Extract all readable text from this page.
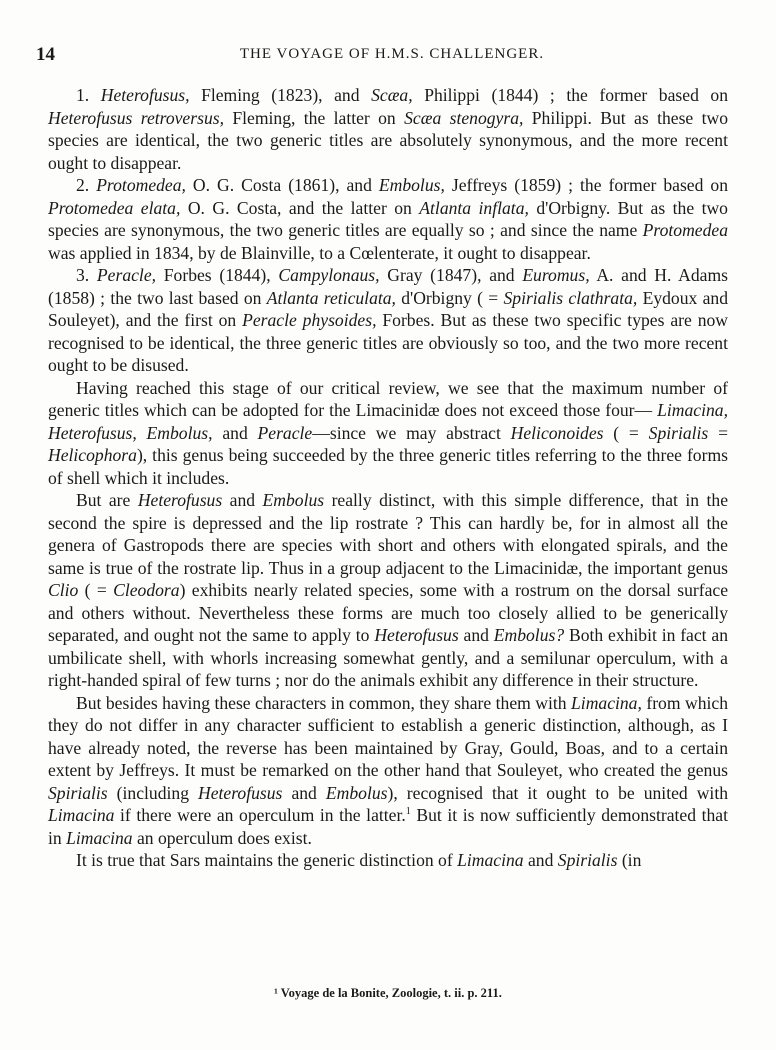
14	THE VOYAGE OF H.M.S. CHALLENGER.

1. Heterofusus, Fleming (1823), and Scæa, Philippi (1844) ; the former based on Heterofusus retroversus, Fleming, the latter on Scæa stenogyra, Philippi. But as these two species are identical, the two generic titles are absolutely synonymous, and the more recent ought to disappear.

2. Protomedea, O. G. Costa (1861), and Embolus, Jeffreys (1859) ; the former based on Protomedea elata, O. G. Costa, and the latter on Atlanta inflata, d'Orbigny. But as the two species are synonymous, the two generic titles are equally so ; and since the name Protomedea was applied in 1834, by de Blainville, to a Cœlenterate, it ought to disappear.

3. Peracle, Forbes (1844), Campylonaus, Gray (1847), and Euromus, A. and H. Adams (1858) ; the two last based on Atlanta reticulata, d'Orbigny ( = Spirialis clathrata, Eydoux and Souleyet), and the first on Peracle physoides, Forbes. But as these two specific types are now recognised to be identical, the three generic titles are obviously so too, and the two more recent ought to be disused.

Having reached this stage of our critical review, we see that the maximum number of generic titles which can be adopted for the Limacinidæ does not exceed those four— Limacina, Heterofusus, Embolus, and Peracle—since we may abstract Heliconoides ( = Spirialis = Helicophora), this genus being succeeded by the three generic titles referring to the three forms of shell which it includes.

But are Heterofusus and Embolus really distinct, with this simple difference, that in the second the spire is depressed and the lip rostrate ? This can hardly be, for in almost all the genera of Gastropods there are species with short and others with elongated spirals, and the same is true of the rostrate lip. Thus in a group adjacent to the Limacinidæ, the important genus Clio ( = Cleodora) exhibits nearly related species, some with a rostrum on the dorsal surface and others without. Nevertheless these forms are much too closely allied to be generically separated, and ought not the same to apply to Heterofusus and Embolus? Both exhibit in fact an umbilicate shell, with whorls increasing somewhat gently, and a semilunar operculum, with a right-handed spiral of few turns ; nor do the animals exhibit any difference in their structure.

But besides having these characters in common, they share them with Limacina, from which they do not differ in any character sufficient to establish a generic distinction, although, as I have already noted, the reverse has been maintained by Gray, Gould, Boas, and to a certain extent by Jeffreys. It must be remarked on the other hand that Souleyet, who created the genus Spirialis (including Heterofusus and Embolus), recognised that it ought to be united with Limacina if there were an operculum in the latter.$^1$ But it is now sufficiently demonstrated that in Limacina an operculum does exist.

It is true that Sars maintains the generic distinction of Limacina and Spirialis (in

¹ Voyage de la Bonite, Zoologie, t. ii. p. 211.
